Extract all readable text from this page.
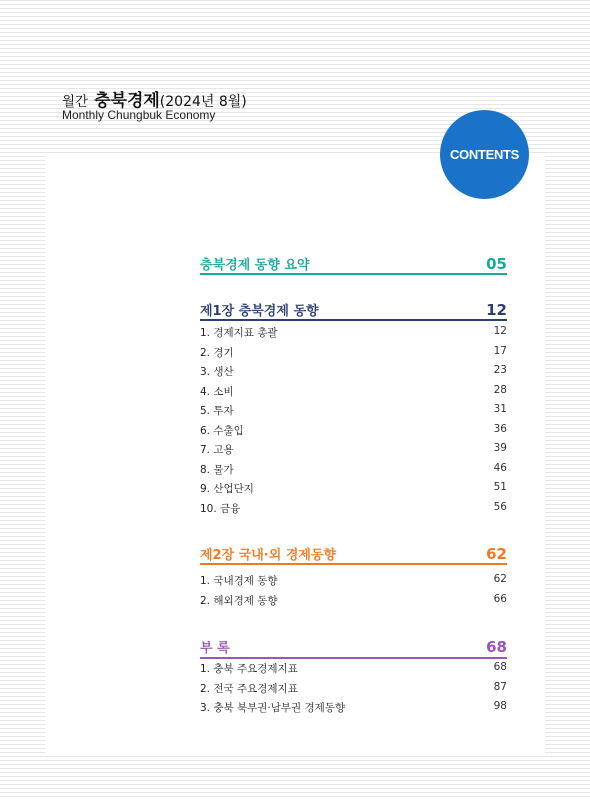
월간 충북경제(2024년 8월)
Monthly Chungbuk Economy
CONTENTS
충북경제 동향 요약	05
제1장 충북경제 동향	12
1. 경제지표 총괄	12
2. 경기	17
3. 생산	23
4. 소비	28
5. 투자	31
6. 수출입	36
7. 고용	39
8. 물가	46
9. 산업단지	51
10. 금융	56
제2장 국내·외 경제동향	62
1. 국내경제 동향	62
2. 해외경제 동향	66
부 록	68
1. 충북 주요경제지표	68
2. 전국 주요경제지표	87
3. 충북 북부권·남부권 경제동향	98
